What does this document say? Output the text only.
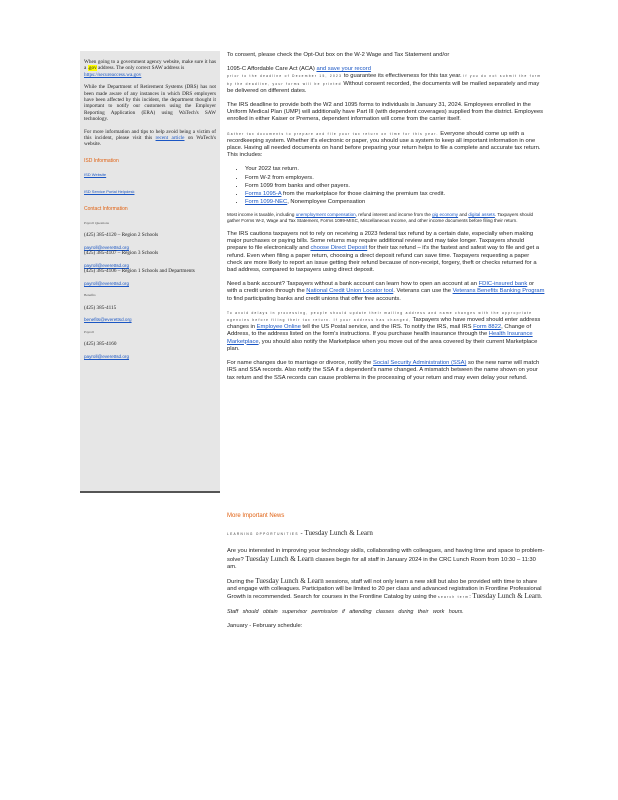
When going to a government agency website, make sure it has a .gov address. The only correct SAW address is
https://secureaccess.wa.gov

While the Department of Retirement Systems (DRS) has not been made aware of any instances in which DRS employers have been affected by this incident, the department thought it important to notify our customers using the Employer Reporting Application (ERA) using WaTech's SAW technology.

For more information and tips to help avoid being a victim of this incident, please visit this recent article on WaTech's website.

ISD Information
ISD Website
ISD Service Portal Helpdesk
Contact Information

Payroll Questions

(425) 385-4120 – Region 2 Schools

payroll@everettsd.org

(425) 385-4107 – Region 3 Schools

payroll@everettsd.org

(425) 385-4106 – Region 1 Schools and Departments

payroll@everettsd.org

Benefits

(425) 385-4115

benefits@everettsd.org

Payroll

(425) 385-4160

payroll@everettsd.org

To consent, please check the Opt-Out box on the W-2 Wage and Tax Statement and/or

1095-C Affordable Care Act (ACA) and save your record
prior to the deadline of December 15, 2023 to guarantee its effectiveness for this tax year. If you do not submit the form by the deadline, your forms will be printed Without consent recorded, the documents will be mailed separately and may be delivered on different dates.

The IRS deadline to provide both the W2 and 1095 forms to individuals is January 31, 2024. Employees enrolled in the Uniform Medical Plan (UMP) will additionally have Part III (with dependent coverages) supplied from the district. Employees enrolled in either Kaiser or Premera, dependent information will come from the carrier itself.

Gather tax documents to prepare and file your tax return on time for this year. Everyone should come up with a recordkeeping system. Whether it's electronic or paper, you should use a system to keep all important information in one place. Having all needed documents on hand before preparing your return helps to file a complete and accurate tax return. This includes:

• Your 2022 tax return.
• Form W-2 from employers.
• Form 1099 from banks and other payers.
• Forms 1095-A from the marketplace for those claiming the premium tax credit.
• Form 1099-NEC, Nonemployee Compensation

Most income is taxable, including unemployment compensation, refund interest and income from the gig economy and digital assets. Taxpayers should gather Forms W-2, Wage and Tax Statement, Forms 1099-MISC, Miscellaneous Income, and other income documents before filing their return.

The IRS cautions taxpayers not to rely on receiving a 2023 federal tax refund by a certain date, especially when making major purchases or paying bills. Some returns may require additional review and may take longer. Taxpayers should prepare to file electronically and choose Direct Deposit for their tax refund – it's the fastest and safest way to file and get a refund. Even when filing a paper return, choosing a direct deposit refund can save time. Taxpayers requesting a paper check are more likely to report an issue getting their refund because of non-receipt, forgery, theft or checks returned for a bad address, compared to taxpayers using direct deposit.

Need a bank account? Taxpayers without a bank account can learn how to open an account at an FDIC-insured bank or with a credit union through the National Credit Union Locator tool. Veterans can use the Veterans Benefits Banking Program to find participating banks and credit unions that offer free accounts.

To avoid delays in processing, people should update their mailing address and name changes with the appropriate agencies before filing their tax return. If your address has changed, Taxpayers who have moved should enter address changes in Employee Online tell the US Postal service, and the IRS. To notify the IRS, mail IRS Form 8822, Change of Address, to the address listed on the form's instructions. If you purchase health insurance through the Health Insurance Marketplace, you should also notify the Marketplace when you move out of the area covered by their current Marketplace plan.

For name changes due to marriage or divorce, notify the Social Security Administration (SSA) so the new name will match IRS and SSA records. Also notify the SSA if a dependent's name changed. A mismatch between the name shown on your tax return and the SSA records can cause problems in the processing of your return and may even delay your refund.

More Important News
LEARNING OPPORTUNITIES - Tuesday Lunch & Learn

Are you interested in improving your technology skills, collaborating with colleagues, and having time and space to problem-solve? Tuesday Lunch & Learn classes begin for all staff in January 2024 in the CRC Lunch Room from 10:30 – 11:30 am.

During the Tuesday Lunch & Learn sessions, staff will not only learn a new skill but also be provided with time to share and engage with colleagues. Participation will be limited to 20 per class and advanced registration in Frontline Professional Growth is recommended. Search for courses in the Frontline Catalog by using the search term: Tuesday Lunch & Learn.

Staff should obtain supervisor permission if attending classes during their work hours.

January - February schedule:
